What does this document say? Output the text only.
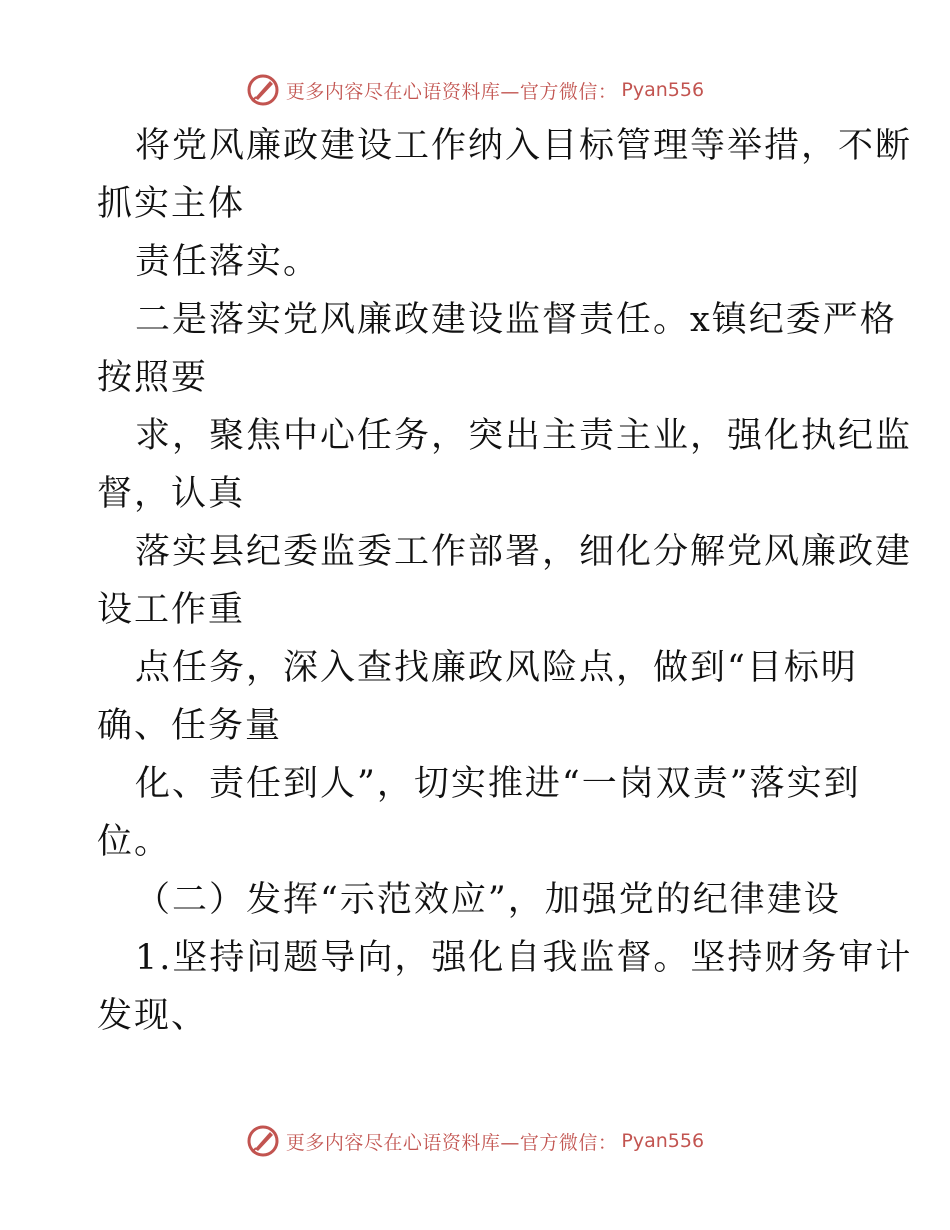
更多内容尽在心语资料库—官方微信： Pyan556
将党风廉政建设工作纳入目标管理等举措，不断
抓实主体
责任落实。
二是落实党风廉政建设监督责任。x镇纪委严格
按照要
求，聚焦中心任务，突出主责主业，强化执纪监
督，认真
落实县纪委监委工作部署，细化分解党风廉政建
设工作重
点任务，深入查找廉政风险点，做到“目标明
确、任务量
化、责任到人”，切实推进“一岗双责”落实到
位。
（二）发挥“示范效应”，加强党的纪律建设
1.坚持问题导向，强化自我监督。坚持财务审计
发现、
更多内容尽在心语资料库—官方微信： Pyan556
